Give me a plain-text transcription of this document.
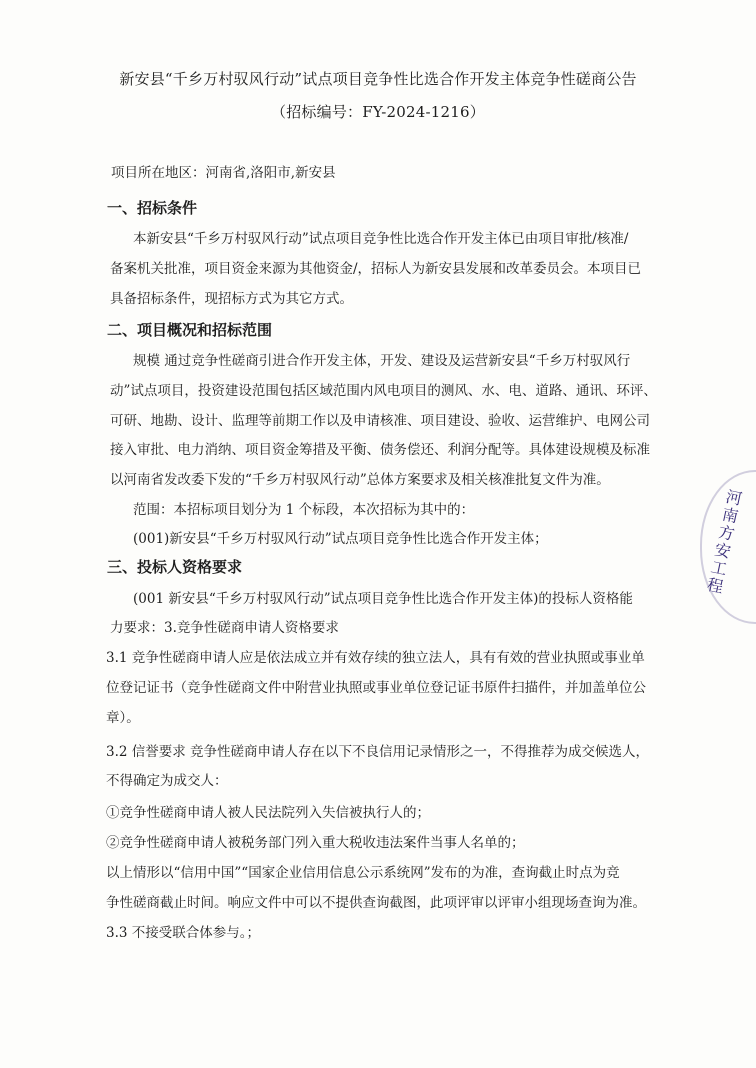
新安县“千乡万村驭风行动”试点项目竞争性比选合作开发主体竞争性磋商公告
（招标编号：FY-2024-1216）
项目所在地区：河南省,洛阳市,新安县
一、招标条件
本新安县“千乡万村驭风行动”试点项目竞争性比选合作开发主体已由项目审批/核准/
备案机关批准，项目资金来源为其他资金/，招标人为新安县发展和改革委员会。本项目已
具备招标条件，现招标方式为其它方式。
二、项目概况和招标范围
规模 通过竞争性磋商引进合作开发主体，开发、建设及运营新安县“千乡万村驭风行
动”试点项目，投资建设范围包括区域范围内风电项目的测风、水、电、道路、通讯、环评、
可研、地勘、设计、监理等前期工作以及申请核准、项目建设、验收、运营维护、电网公司
接入审批、电力消纳、项目资金筹措及平衡、债务偿还、利润分配等。具体建设规模及标准
以河南省发改委下发的“千乡万村驭风行动”总体方案要求及相关核准批复文件为准。
范围：本招标项目划分为 1 个标段，本次招标为其中的：
(001)新安县“千乡万村驭风行动”试点项目竞争性比选合作开发主体；
三、投标人资格要求
(001 新安县“千乡万村驭风行动”试点项目竞争性比选合作开发主体)的投标人资格能
力要求：3.竞争性磋商申请人资格要求
3.1 竞争性磋商申请人应是依法成立并有效存续的独立法人，具有有效的营业执照或事业单
位登记证书（竞争性磋商文件中附营业执照或事业单位登记证书原件扫描件，并加盖单位公
章）。
3.2 信誉要求 竞争性磋商申请人存在以下不良信用记录情形之一，不得推荐为成交候选人，
不得确定为成交人：
①竞争性磋商申请人被人民法院列入失信被执行人的；
②竞争性磋商申请人被税务部门列入重大税收违法案件当事人名单的；
以上情形以“信用中国”“国家企业信用信息公示系统网”发布的为准，查询截止时点为竞
争性磋商截止时间。响应文件中可以不提供查询截图，此项评审以评审小组现场查询为准。
3.3 不接受联合体参与。；
河南方安工程
